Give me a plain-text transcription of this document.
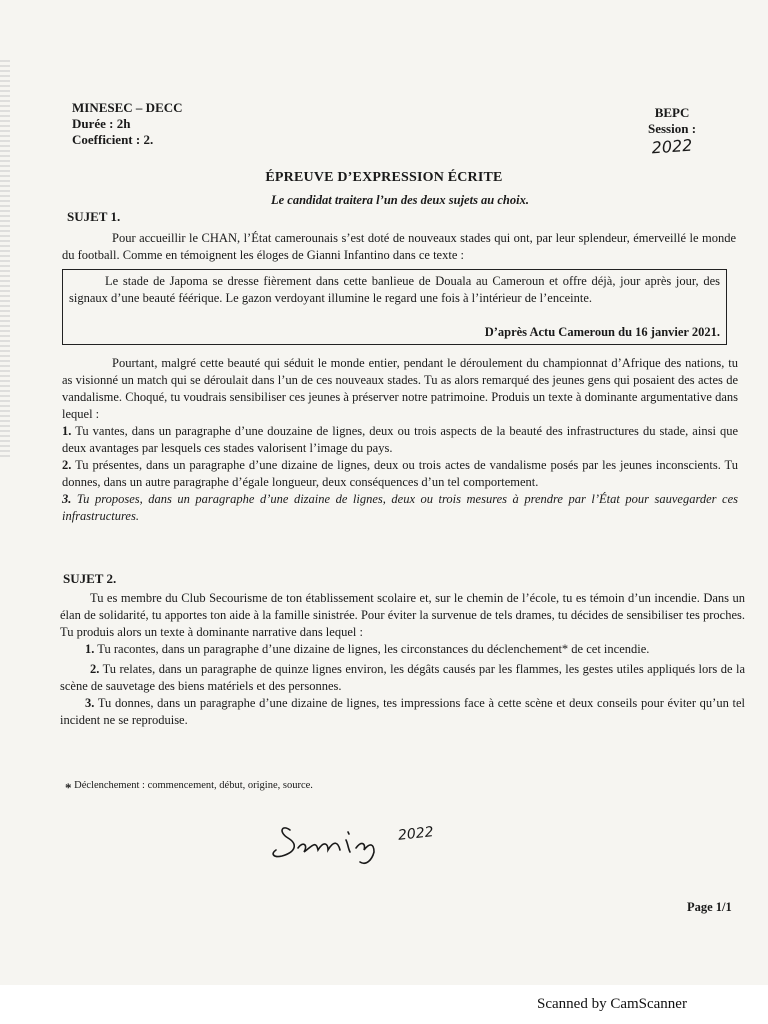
MINESEC – DECC
Durée : 2h
Coefficient : 2.
BEPC
Session :
2022
ÉPREUVE D’EXPRESSION ÉCRITE
Le candidat traitera l’un des deux sujets au choix.
SUJET 1.

Pour accueillir le CHAN, l’État camerounais s’est doté de nouveaux stades qui ont, par leur splendeur, émerveillé le monde du football. Comme en témoignent les éloges de Gianni Infantino dans ce texte :

Le stade de Japoma se dresse fièrement dans cette banlieue de Douala au Cameroun et offre déjà, jour après jour, des signaux d’une beauté féérique. Le gazon verdoyant illumine le regard une fois à l’intérieur de l’enceinte.

D’après Actu Cameroun du 16 janvier 2021.

Pourtant, malgré cette beauté qui séduit le monde entier, pendant le déroulement du championnat d’Afrique des nations, tu as visionné un match qui se déroulait dans l’un de ces nouveaux stades. Tu as alors remarqué des jeunes gens qui posaient des actes de vandalisme. Choqué, tu voudrais sensibiliser ces jeunes à préserver notre patrimoine. Produis un texte à dominante argumentative dans lequel :

1. Tu vantes, dans un paragraphe d’une douzaine de lignes, deux ou trois aspects de la beauté des infrastructures du stade, ainsi que deux avantages par lesquels ces stades valorisent l’image du pays.

2. Tu présentes, dans un paragraphe d’une dizaine de lignes, deux ou trois actes de vandalisme posés par les jeunes inconscients. Tu donnes, dans un autre paragraphe d’égale longueur, deux conséquences d’un tel comportement.

3. Tu proposes, dans un paragraphe d’une dizaine de lignes, deux ou trois mesures à prendre par l’État pour sauvegarder ces infrastructures.

SUJET 2.

Tu es membre du Club Secourisme de ton établissement scolaire et, sur le chemin de l’école, tu es témoin d’un incendie. Dans un élan de solidarité, tu apportes ton aide à la famille sinistrée. Pour éviter la survenue de tels drames, tu décides de sensibiliser tes proches. Tu produis alors un texte à dominante narrative dans lequel :

1. Tu racontes, dans un paragraphe d’une dizaine de lignes, les circonstances du déclenchement* de cet incendie.

2. Tu relates, dans un paragraphe de quinze lignes environ, les dégâts causés par les flammes, les gestes utiles appliqués lors de la scène de sauvetage des biens matériels et des personnes.

3. Tu donnes, dans un paragraphe d’une dizaine de lignes, tes impressions face à cette scène et deux conseils pour éviter qu’un tel incident ne se reproduise.

* Déclenchement : commencement, début, origine, source.
2022
Page 1/1
Scanned by CamScanner
